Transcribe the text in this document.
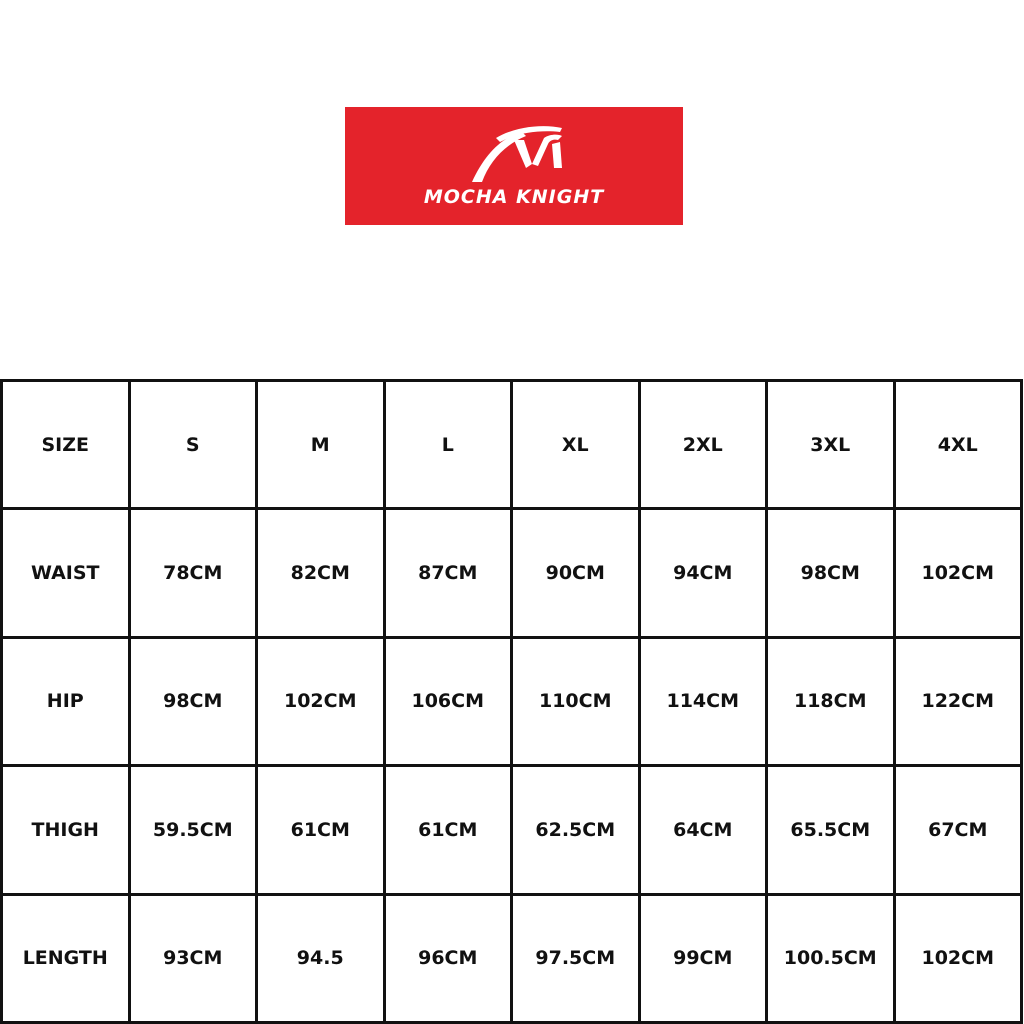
MOCHA KNIGHT
SIZE	S	M	L	XL	2XL	3XL	4XL
WAIST	78CM	82CM	87CM	90CM	94CM	98CM	102CM
HIP	98CM	102CM	106CM	110CM	114CM	118CM	122CM
THIGH	59.5CM	61CM	61CM	62.5CM	64CM	65.5CM	67CM
LENGTH	93CM	94.5	96CM	97.5CM	99CM	100.5CM	102CM
